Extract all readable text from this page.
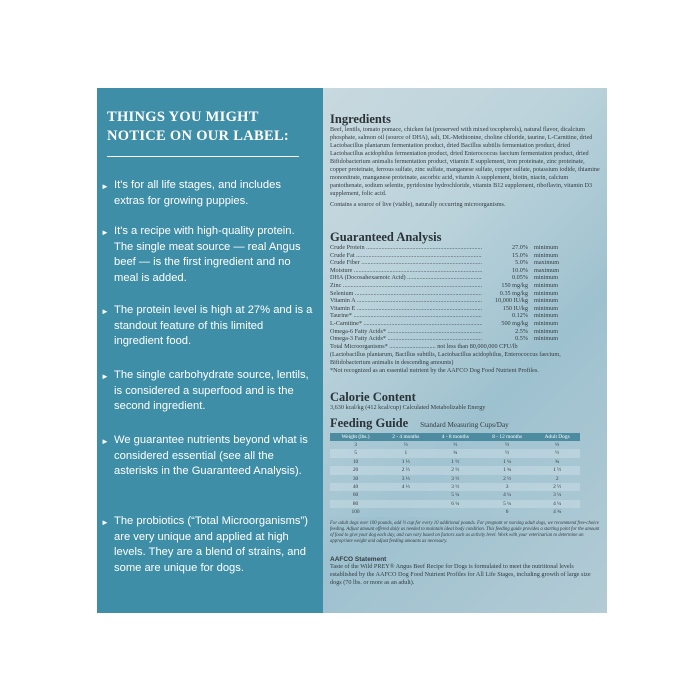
THINGS YOU MIGHT
NOTICE ON OUR LABEL:
► It's for all life stages, and includes extras for growing puppies.
► It's a recipe with high-quality protein. The single meat source — real Angus beef — is the first ingredient and no meal is added.
► The protein level is high at 27% and is a standout feature of this limited ingredient food.
► The single carbohydrate source, lentils, is considered a superfood and is the second ingredient.
► We guarantee nutrients beyond what is considered essential (see all the asterisks in the Guaranteed Analysis).
► The probiotics (“Total Microorganisms”) are very unique and applied at high levels. They are a blend of strains, and some are unique for dogs.

Ingredients

Beef, lentils, tomato pomace, chicken fat (preserved with mixed tocopherols), natural flavor, dicalcium phosphate, salmon oil (source of DHA), salt, DL-Methionine, choline chloride, taurine, L-Carnitine, dried Lactobacillus plantarum fermentation product, dried Bacillus subtilis fermentation product, dried Lactobacillus acidophilus fermentation product, dried Enterococcus faecium fermentation product, dried Bifidobacterium animalis fermentation product, vitamin E supplement, iron proteinate, zinc proteinate, copper proteinate, ferrous sulfate, zinc sulfate, manganese sulfate, copper sulfate, potassium iodide, thiamine mononitrate, manganese proteinate, ascorbic acid, vitamin A supplement, biotin, niacin, calcium pantothenate, sodium selenite, pyridoxine hydrochloride, vitamin B12 supplement, riboflavin, vitamin D3 supplement, folic acid.

Contains a source of live (viable), naturally occurring microorganisms.

Guaranteed Analysis

Crude Protein .....	27.0% minimum
Crude Fat .....	15.0% minimum
Crude Fiber .....	5.0% maximum
Moisture .....	10.0% maximum
DHA (Docosahexaenoic Acid) .....	0.05% minimum
Zinc .....	150 mg/kg minimum
Selenium .....	0.35 mg/kg minimum
Vitamin A .....	10,000 IU/kg minimum
Vitamin E .....	150 IU/kg minimum
Taurine* .....	0.12% minimum
L-Carnitine* .....	500 mg/kg minimum
Omega-6 Fatty Acids* .....	2.5% minimum
Omega-3 Fatty Acids* .....	0.5% minimum

Total Microorganisms* .............................. not less than 80,000,000 CFU/lb

(Lactobacillus plantarum, Bacillus subtilis, Lactobacillus acidophilus, Enterococcus faecium, Bifidobacterium animalis in descending amounts)

*Not recognized as an essential nutrient by the AAFCO Dog Food Nutrient Profiles.

Calorie Content

3,630 kcal/kg (412 kcal/cup) Calculated Metabolizable Energy

Feeding Guide Standard Measuring Cups/Day
Weight (lbs.)	2 - 4 months	4 - 8 months	8 - 12 months	Adult Dogs
3	⅔	½	½	⅓
5	1	¾	½	½
10	1 ⅓	1 ½	1 ¼	¾
20	2 ⅔	2 ½	1 ¾	1 ½
30	3 ⅓	3 ½	2 ½	2
40	4 ⅓	3 ½	3	2 ½
60		5 ¼	4 ¼	3 ¼
80		6 ¼	5 ¼	4 ¼
100			6	4 ¾

For adult dogs over 100 pounds, add ½ cup for every 10 additional pounds. For pregnant or nursing adult dogs, we recommend free-choice feeding. Adjust amount offered daily as needed to maintain ideal body condition. This feeding guide provides a starting point for the amount of food to give your dog each day, and can vary based on factors such as activity level. Work with your veterinarian to determine an appropriate weight and adjust feeding amounts as necessary.

AAFCO Statement

Taste of the Wild PREY® Angus Beef Recipe for Dogs is formulated to meet the nutritional levels established by the AAFCO Dog Food Nutrient Profiles for All Life Stages, including growth of large size dogs (70 lbs. or more as an adult).
